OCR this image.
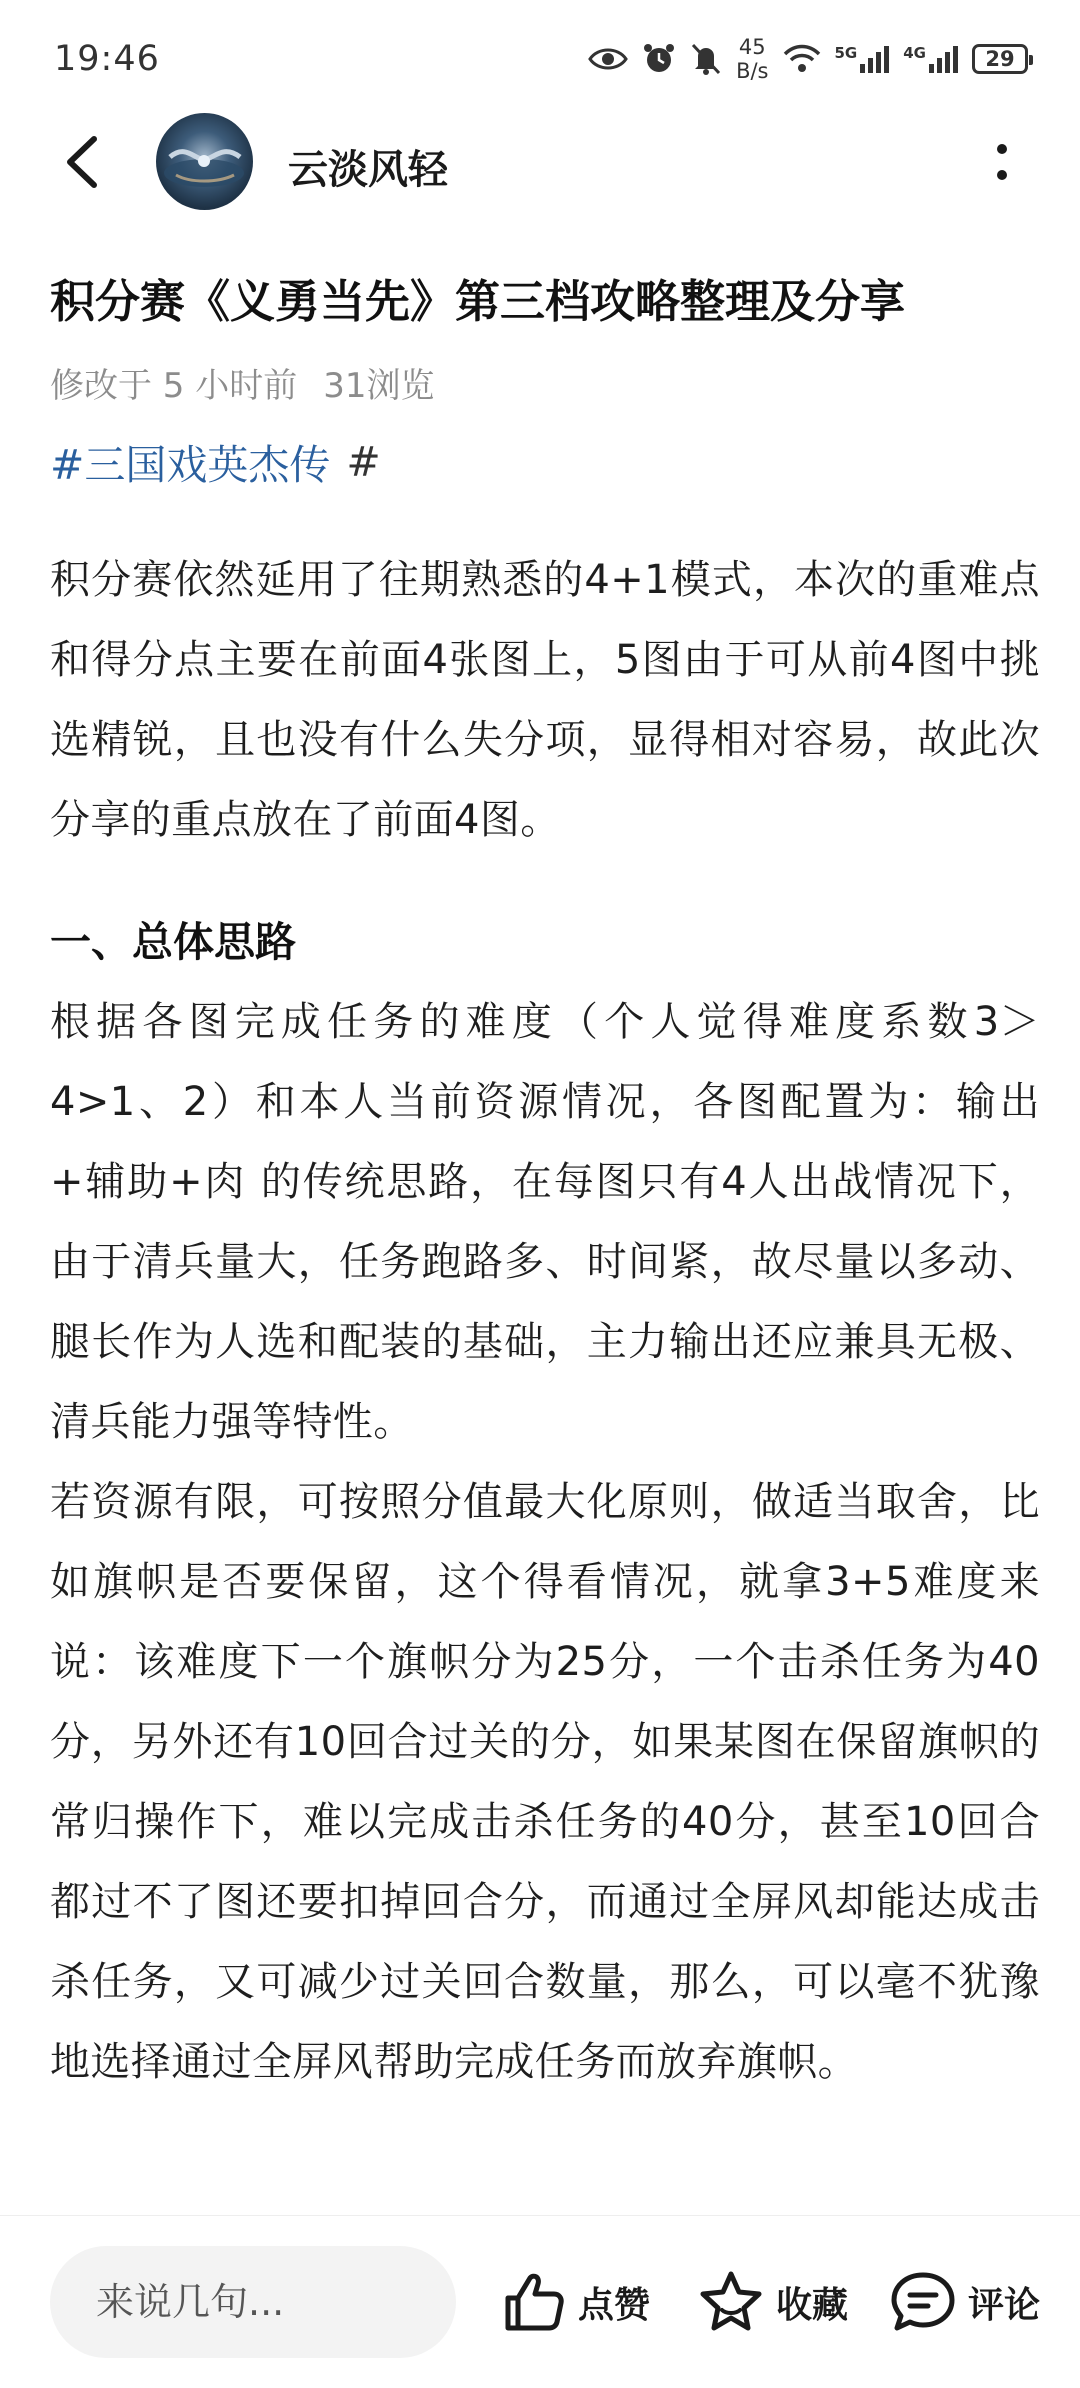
19:46	45
B/s
5G	4G	29
云淡风轻
积分赛《义勇当先》第三档攻略整理及分享
修改于 5 小时前 31浏览
#三国戏英杰传 #

积分赛依然延用了往期熟悉的4+1模式，本次的重难点和得分点主要在前面4张图上，5图由于可从前4图中挑选精锐，且也没有什么失分项，显得相对容易，故此次分享的重点放在了前面4图。

一、总体思路

根据各图完成任务的难度（个人觉得难度系数3＞4>1、2）和本人当前资源情况，各图配置为：输出+辅助+肉 的传统思路，在每图只有4人出战情况下，由于清兵量大，任务跑路多、时间紧，故尽量以多动、腿长作为人选和配装的基础，主力输出还应兼具无极、清兵能力强等特性。

若资源有限，可按照分值最大化原则，做适当取舍，比如旗帜是否要保留，这个得看情况，就拿3+5难度来说：该难度下一个旗帜分为25分，一个击杀任务为40分，另外还有10回合过关的分，如果某图在保留旗帜的常归操作下，难以完成击杀任务的40分，甚至10回合都过不了图还要扣掉回合分，而通过全屏风却能达成击杀任务，又可减少过关回合数量，那么，可以毫不犹豫地选择通过全屏风帮助完成任务而放弃旗帜。

来说几句...
点赞	收藏	评论
